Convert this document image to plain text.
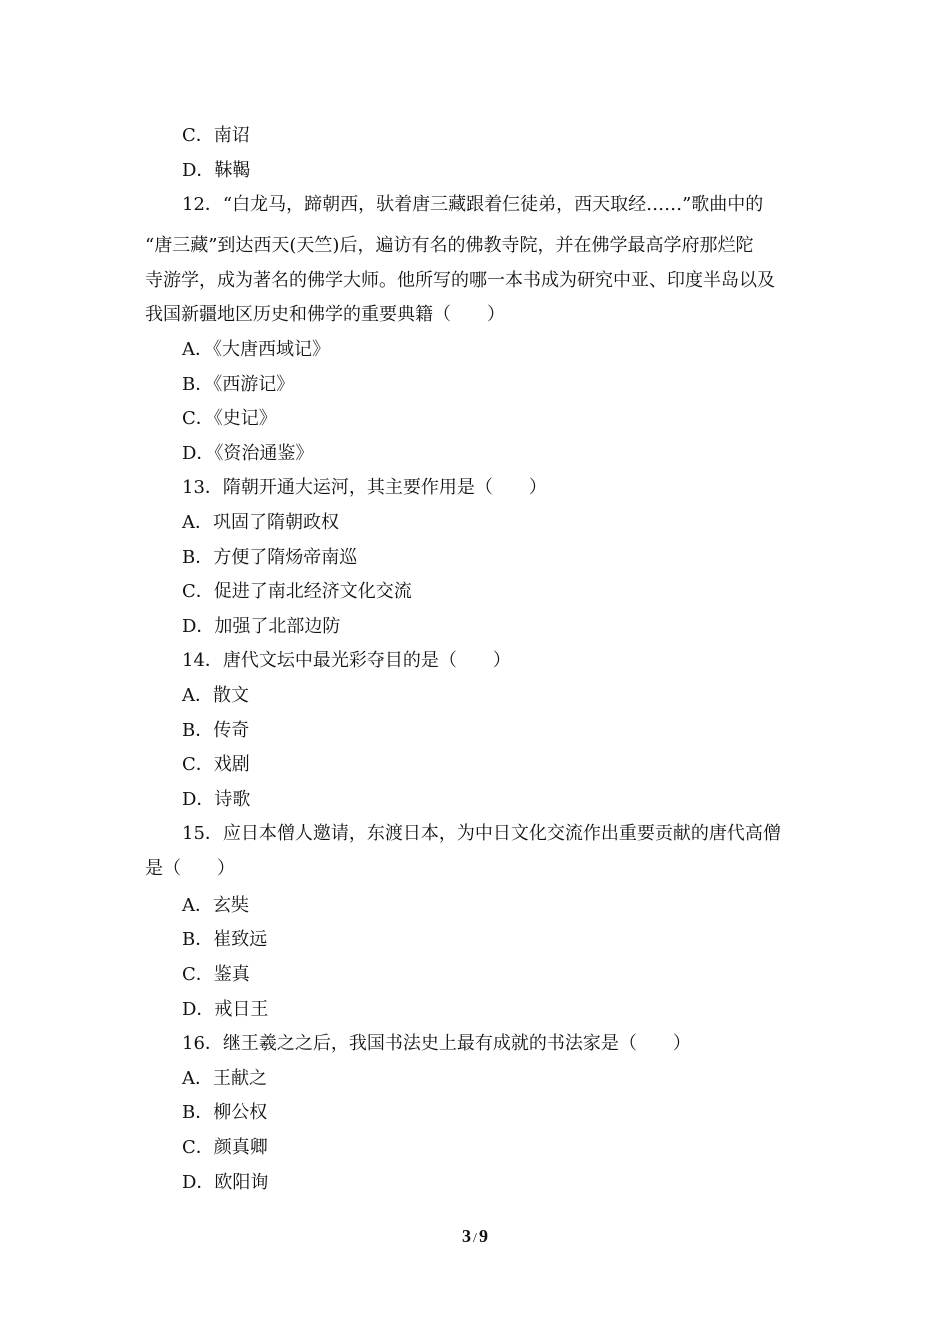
C．南诏
D．靺鞨
12．“白龙马，蹄朝西，驮着唐三藏跟着仨徒弟，西天取经……”歌曲中的
“唐三藏”到达西天(天竺)后，遍访有名的佛教寺院，并在佛学最高学府那烂陀
寺游学，成为著名的佛学大师。他所写的哪一本书成为研究中亚、印度半岛以及
我国新疆地区历史和佛学的重要典籍（　　）
A．《大唐西域记》
B．《西游记》
C．《史记》
D．《资治通鉴》
13．隋朝开通大运河，其主要作用是（　　）
A．巩固了隋朝政权
B．方便了隋炀帝南巡
C．促进了南北经济文化交流
D．加强了北部边防
14．唐代文坛中最光彩夺目的是（　　）
A．散文
B．传奇
C．戏剧
D．诗歌
15．应日本僧人邀请，东渡日本，为中日文化交流作出重要贡献的唐代高僧
是（　　）
A．玄奘
B．崔致远
C．鉴真
D．戒日王
16．继王羲之之后，我国书法史上最有成就的书法家是（　　）
A．王献之
B．柳公权
C．颜真卿
D．欧阳询
3 / 9
